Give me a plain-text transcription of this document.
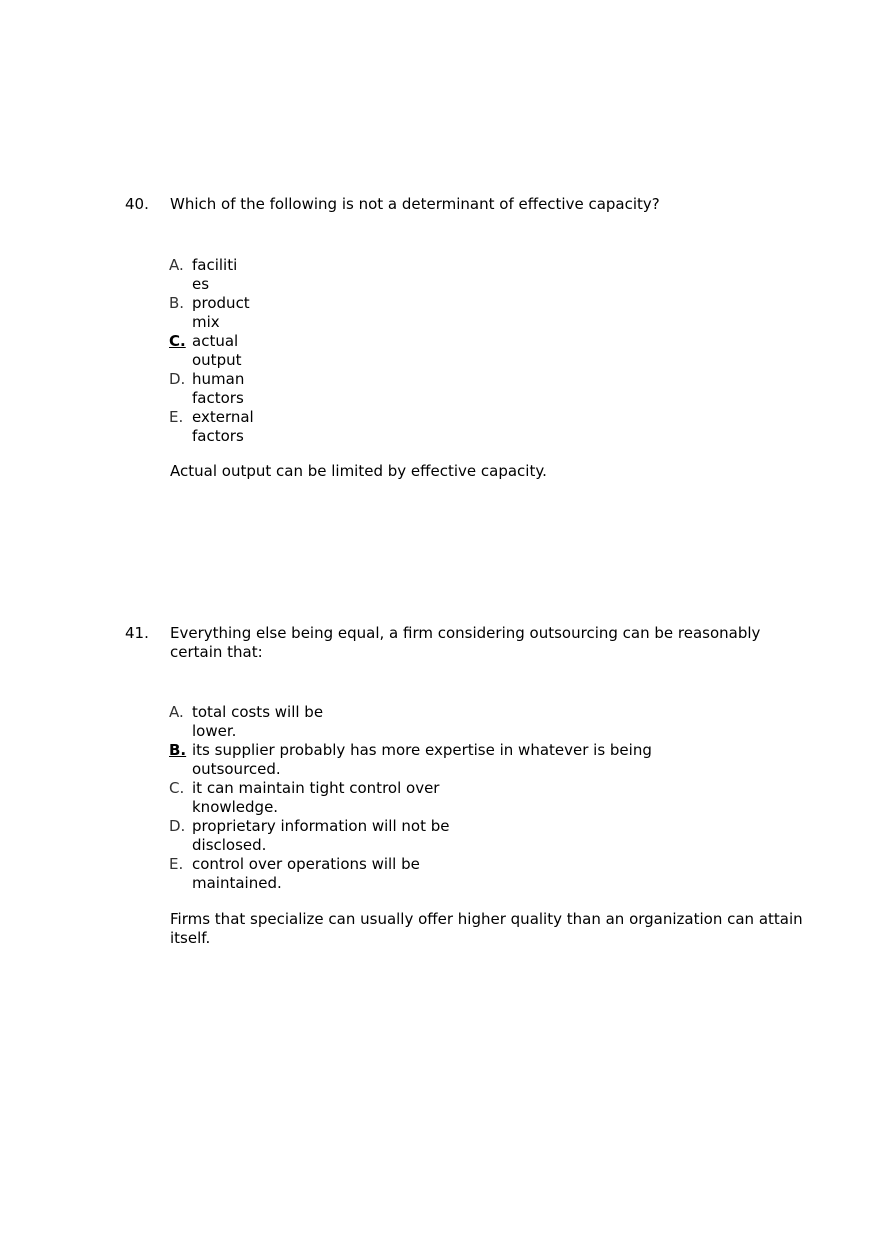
40. Which of the following is not a determinant of effective capacity?
A. faciliti
es
B. product
mix
C. actual
output
D. human
factors
E. external
factors
Actual output can be limited by effective capacity.
41. Everything else being equal, a firm considering outsourcing can be reasonably
certain that:
A. total costs will be
lower.
B. its supplier probably has more expertise in whatever is being
outsourced.
C. it can maintain tight control over
knowledge.
D. proprietary information will not be
disclosed.
E. control over operations will be
maintained.
Firms that specialize can usually offer higher quality than an organization can attain
itself.
